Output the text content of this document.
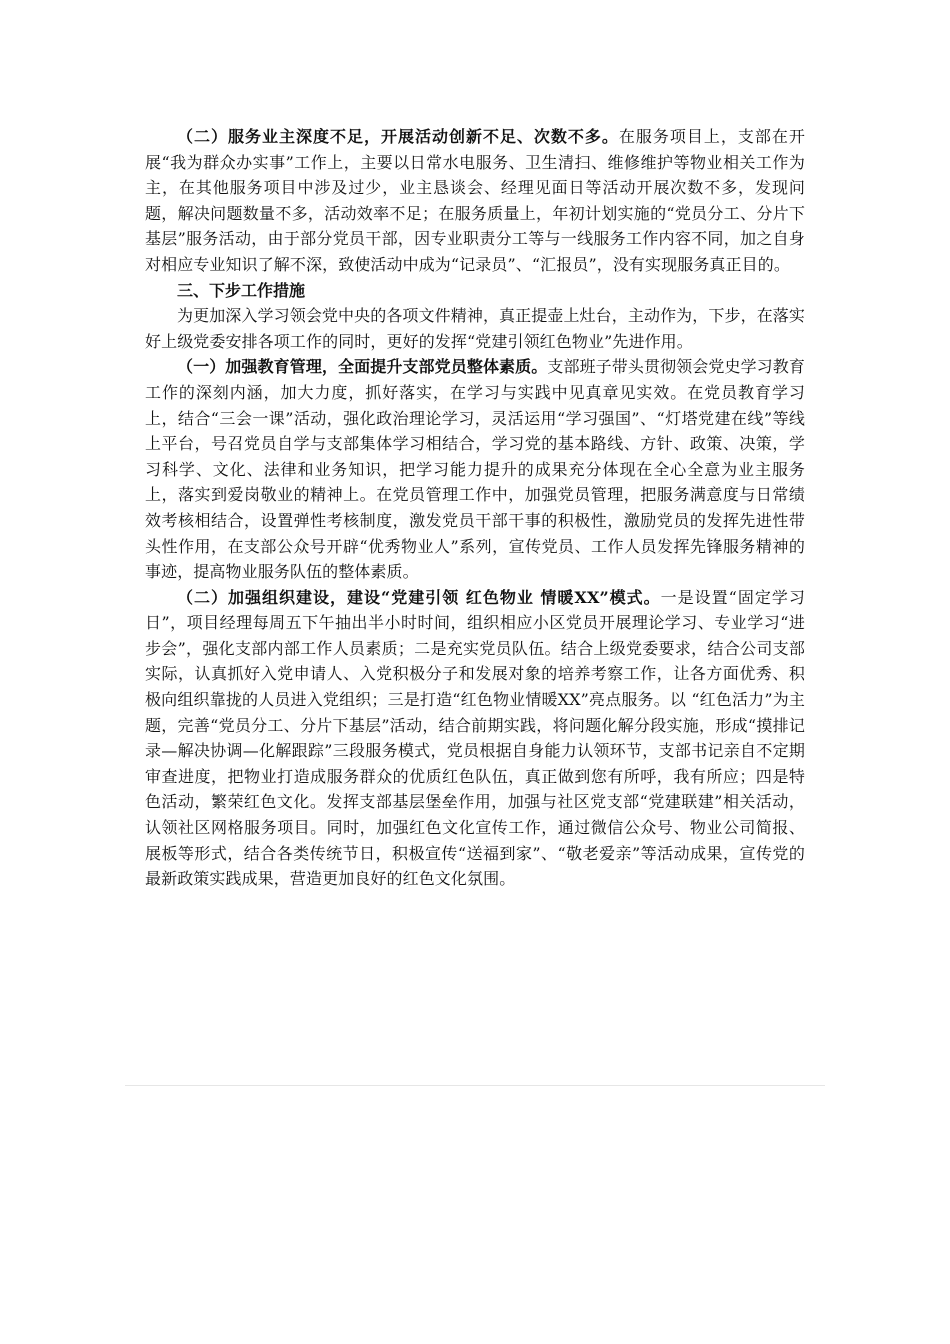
（二）服务业主深度不足，开展活动创新不足、次数不多。在服务项目上，支部在开展“我为群众办实事”工作上，主要以日常水电服务、卫生清扫、维修维护等物业相关工作为主，在其他服务项目中涉及过少，业主恳谈会、经理见面日等活动开展次数不多，发现问题，解决问题数量不多，活动效率不足；在服务质量上，年初计划实施的“党员分工、分片下基层”服务活动，由于部分党员干部，因专业职责分工等与一线服务工作内容不同，加之自身对相应专业知识了解不深，致使活动中成为“记录员”、“汇报员”，没有实现服务真正目的。

三、下步工作措施

为更加深入学习领会党中央的各项文件精神，真正提壶上灶台，主动作为，下步，在落实好上级党委安排各项工作的同时，更好的发挥“党建引领红色物业”先进作用。

（一）加强教育管理，全面提升支部党员整体素质。支部班子带头贯彻领会党史学习教育工作的深刻内涵，加大力度，抓好落实，在学习与实践中见真章见实效。在党员教育学习上，结合“三会一课”活动，强化政治理论学习，灵活运用“学习强国”、“灯塔党建在线”等线上平台，号召党员自学与支部集体学习相结合，学习党的基本路线、方针、政策、决策，学习科学、文化、法律和业务知识，把学习能力提升的成果充分体现在全心全意为业主服务上，落实到爱岗敬业的精神上。在党员管理工作中，加强党员管理，把服务满意度与日常绩效考核相结合，设置弹性考核制度，激发党员干部干事的积极性，激励党员的发挥先进性带头性作用，在支部公众号开辟“优秀物业人”系列，宣传党员、工作人员发挥先锋服务精神的事迹，提高物业服务队伍的整体素质。

（二）加强组织建设，建设“党建引领 红色物业 情暖XX”模式。一是设置“固定学习日”，项目经理每周五下午抽出半小时时间，组织相应小区党员开展理论学习、专业学习“进步会”，强化支部内部工作人员素质；二是充实党员队伍。结合上级党委要求，结合公司支部实际，认真抓好入党申请人、入党积极分子和发展对象的培养考察工作，让各方面优秀、积极向组织靠拢的人员进入党组织；三是打造“红色物业情暖XX”亮点服务。以 “红色活力”为主题，完善“党员分工、分片下基层”活动，结合前期实践，将问题化解分段实施，形成“摸排记录—解决协调—化解跟踪”三段服务模式，党员根据自身能力认领环节，支部书记亲自不定期审查进度，把物业打造成服务群众的优质红色队伍，真正做到您有所呼，我有所应；四是特色活动，繁荣红色文化。发挥支部基层堡垒作用，加强与社区党支部“党建联建”相关活动，认领社区网格服务项目。同时，加强红色文化宣传工作，通过微信公众号、物业公司简报、展板等形式，结合各类传统节日，积极宣传“送福到家”、“敬老爱亲”等活动成果，宣传党的最新政策实践成果，营造更加良好的红色文化氛围。
